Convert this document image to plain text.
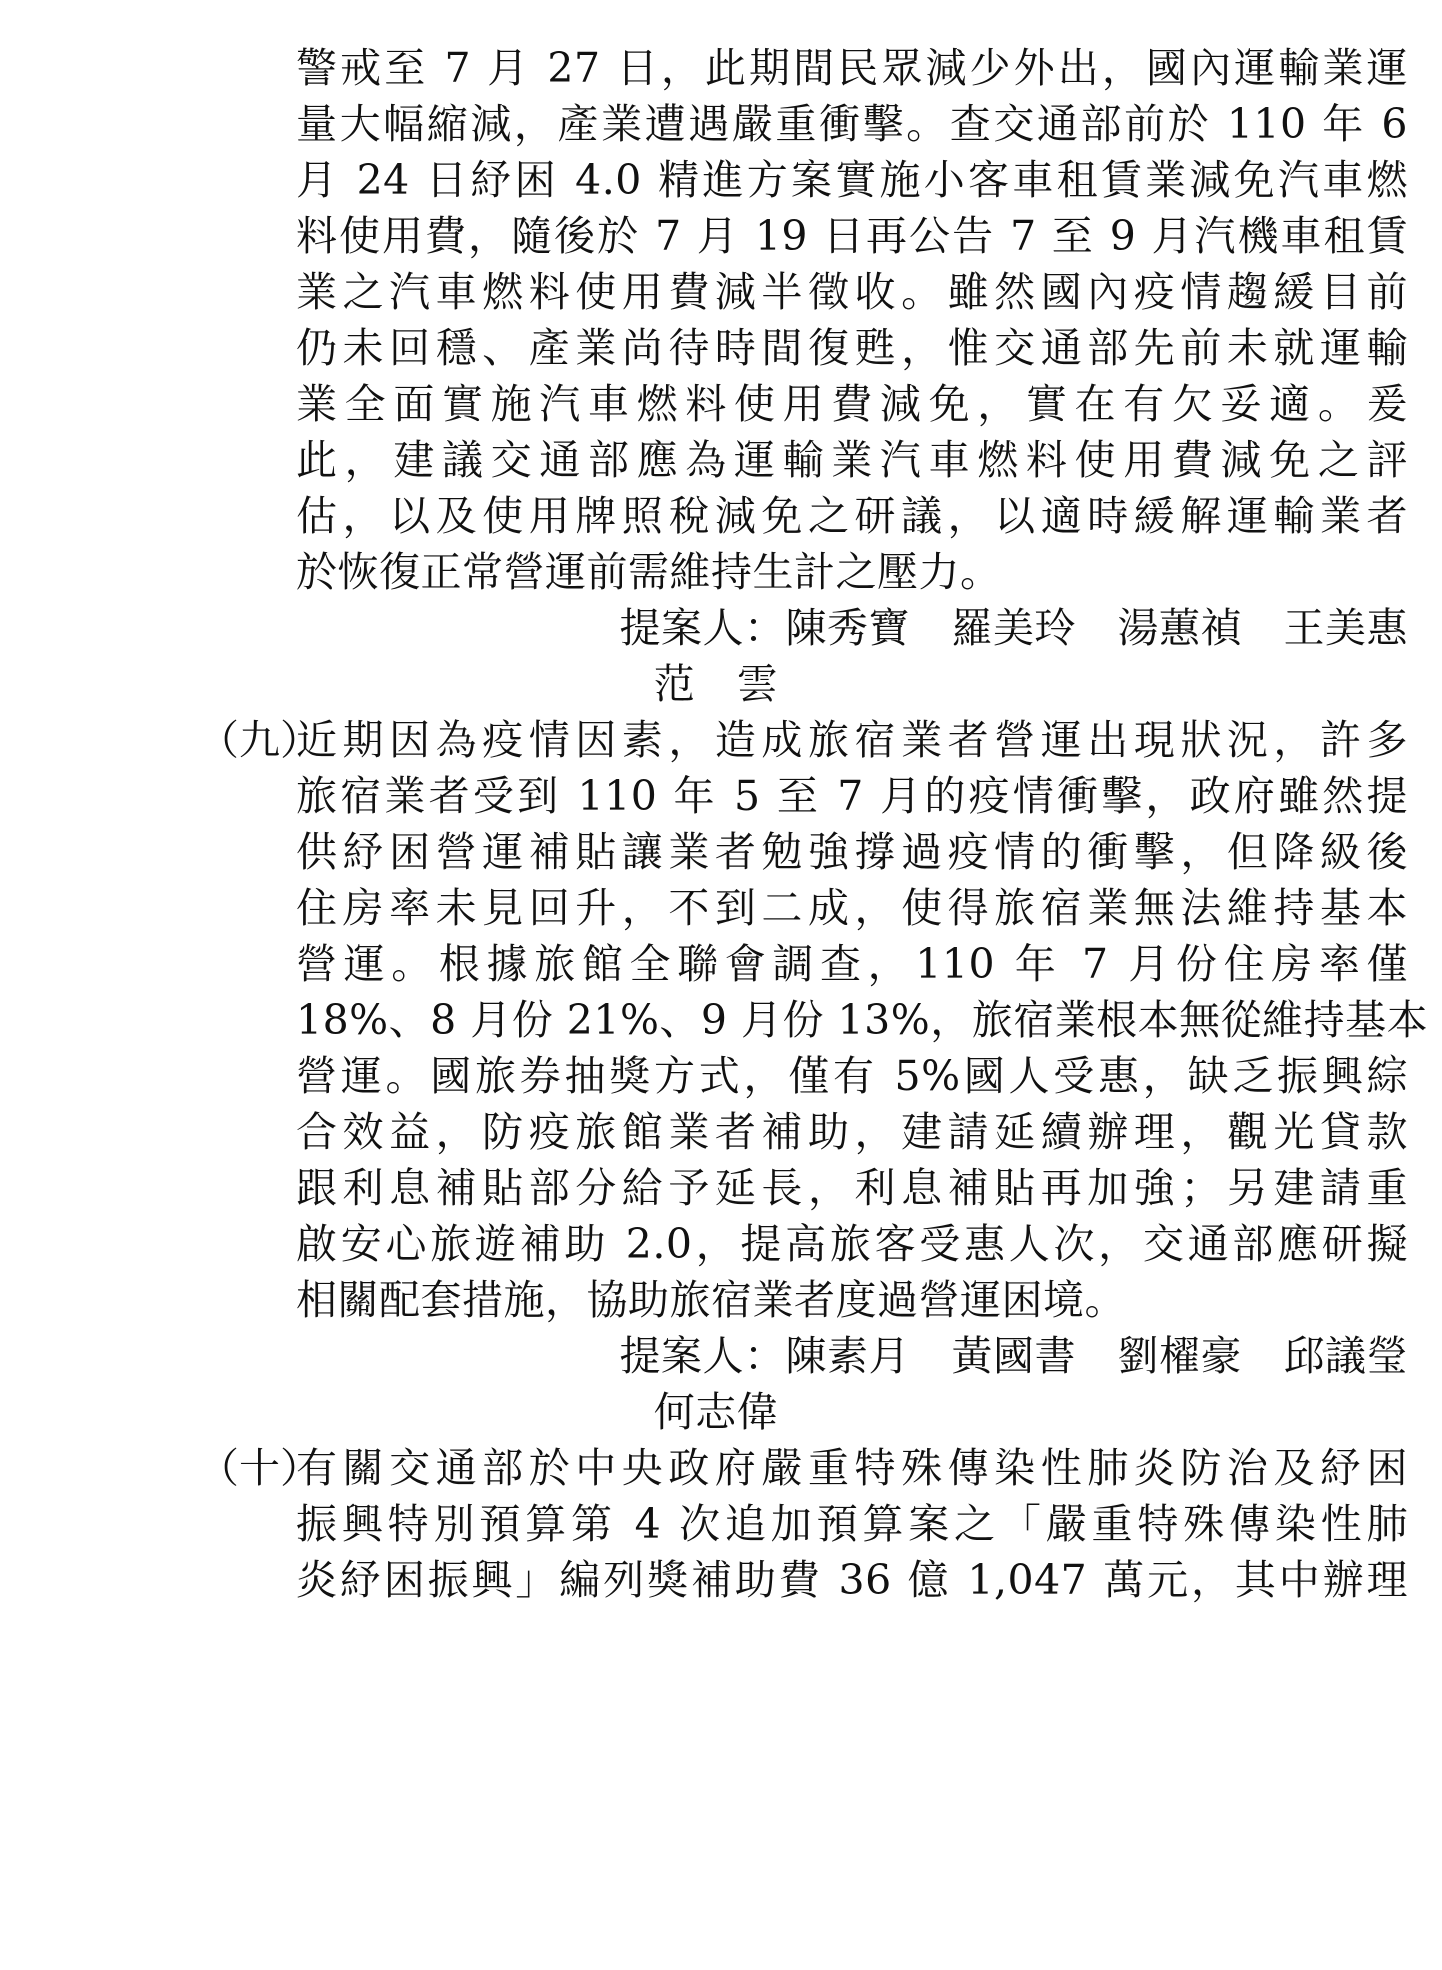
警戒至 7 月 27 日，此期間民眾減少外出，國內運輸業運
量大幅縮減，產業遭遇嚴重衝擊。查交通部前於 110 年 6
月 24 日紓困 4.0 精進方案實施小客車租賃業減免汽車燃
料使用費，隨後於 7 月 19 日再公告 7 至 9 月汽機車租賃
業之汽車燃料使用費減半徵收。雖然國內疫情趨緩目前
仍未回穩、產業尚待時間復甦，惟交通部先前未就運輸
業全面實施汽車燃料使用費減免，實在有欠妥適。爰
此，建議交通部應為運輸業汽車燃料使用費減免之評
估，以及使用牌照稅減免之研議，以適時緩解運輸業者
於恢復正常營運前需維持生計之壓力。
提案人：陳秀寶　羅美玲　湯蕙禎　王美惠
范　雲
（九）
近期因為疫情因素，造成旅宿業者營運出現狀況，許多
旅宿業者受到 110 年 5 至 7 月的疫情衝擊，政府雖然提
供紓困營運補貼讓業者勉強撐過疫情的衝擊，但降級後
住房率未見回升，不到二成，使得旅宿業無法維持基本
營運。根據旅館全聯會調查，110 年 7 月份住房率僅
18%、8 月份 21%、9 月份 13%，旅宿業根本無從維持基本
營運。國旅券抽獎方式，僅有 5%國人受惠，缺乏振興綜
合效益，防疫旅館業者補助，建請延續辦理，觀光貸款
跟利息補貼部分給予延長，利息補貼再加強；另建請重
啟安心旅遊補助 2.0，提高旅客受惠人次，交通部應研擬
相關配套措施，協助旅宿業者度過營運困境。
提案人：陳素月　黃國書　劉櫂豪　邱議瑩
何志偉
（十）
有關交通部於中央政府嚴重特殊傳染性肺炎防治及紓困
振興特別預算第 4 次追加預算案之「嚴重特殊傳染性肺
炎紓困振興」編列獎補助費 36 億 1,047 萬元，其中辦理
